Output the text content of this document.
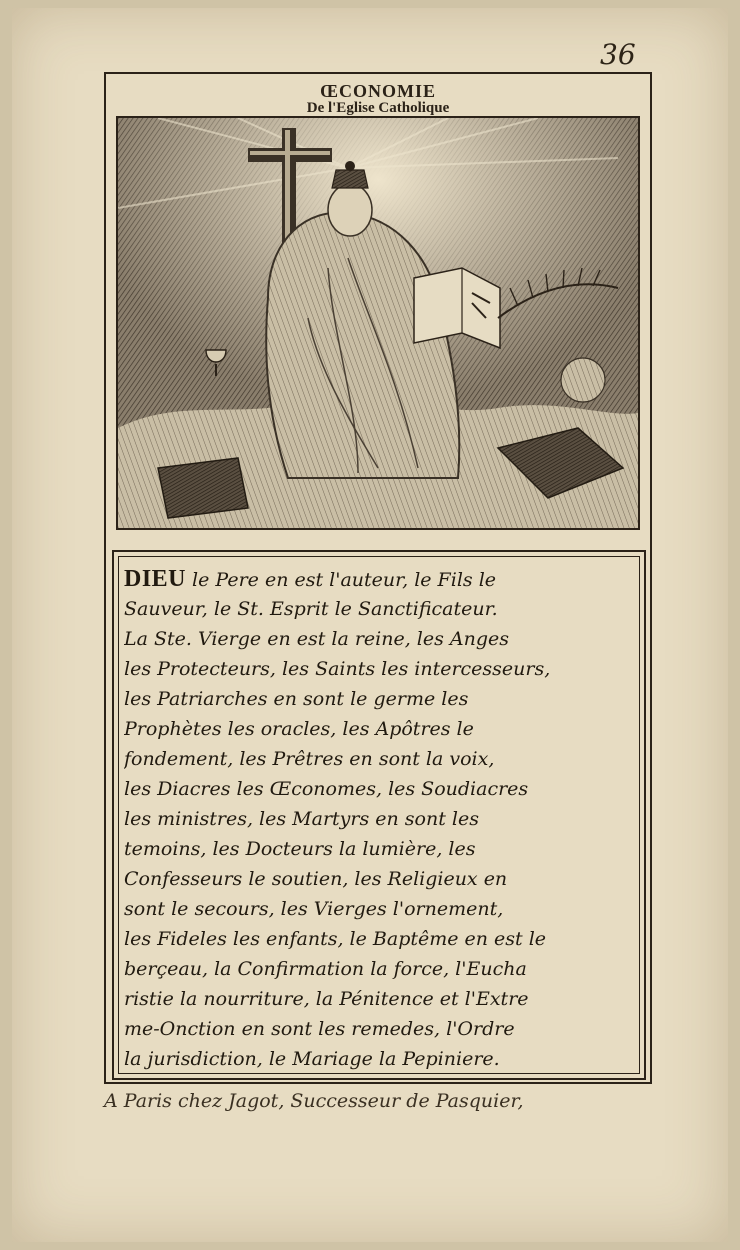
36
ŒCONOMIE
De l'Eglise Catholique
DIEU le Pere en est l'auteur, le Fils le
Sauveur, le St. Esprit le Sanctificateur.
La Ste. Vierge en est la reine, les Anges
les Protecteurs, les Saints les intercesseurs,
les Patriarches en sont le germe les
Prophètes les oracles, les Apôtres le
fondement, les Prêtres en sont la voix,
les Diacres les Œconomes, les Soudiacres
les ministres, les Martyrs en sont les
temoins, les Docteurs la lumière, les
Confesseurs le soutien, les Religieux en
sont le secours, les Vierges l'ornement,
les Fideles les enfants, le Baptême en est le
berçeau, la Confirmation la force, l'Eucha
ristie la nourriture, la Pénitence et l'Extre
me-Onction en sont les remedes, l'Ordre
la jurisdiction, le Mariage la Pepiniere.
A Paris chez Jagot, Successeur de Pasquier,
